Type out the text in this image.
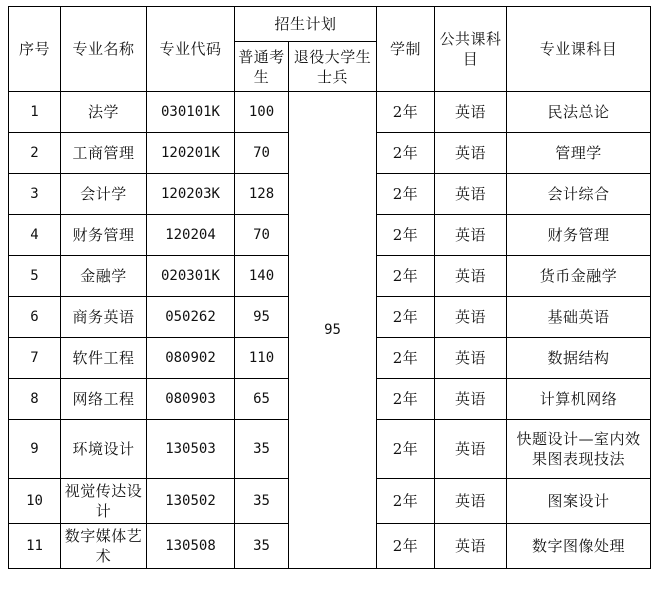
序号	专业名称	专业代码	招生计划		学制	公共课科目	专业课科目
			普通考生	退役大学生士兵			
1	法学	030101K	100	95	2年	英语	民法总论
2	工商管理	120201K	70		2年	英语	管理学
3	会计学	120203K	128		2年	英语	会计综合
4	财务管理	120204	70		2年	英语	财务管理
5	金融学	020301K	140		2年	英语	货币金融学
6	商务英语	050262	95		2年	英语	基础英语
7	软件工程	080902	110		2年	英语	数据结构
8	网络工程	080903	65		2年	英语	计算机网络
9	环境设计	130503	35		2年	英语	快题设计—室内效果图表现技法
10	视觉传达设计	130502	35		2年	英语	图案设计
11	数字媒体艺术	130508	35		2年	英语	数字图像处理
